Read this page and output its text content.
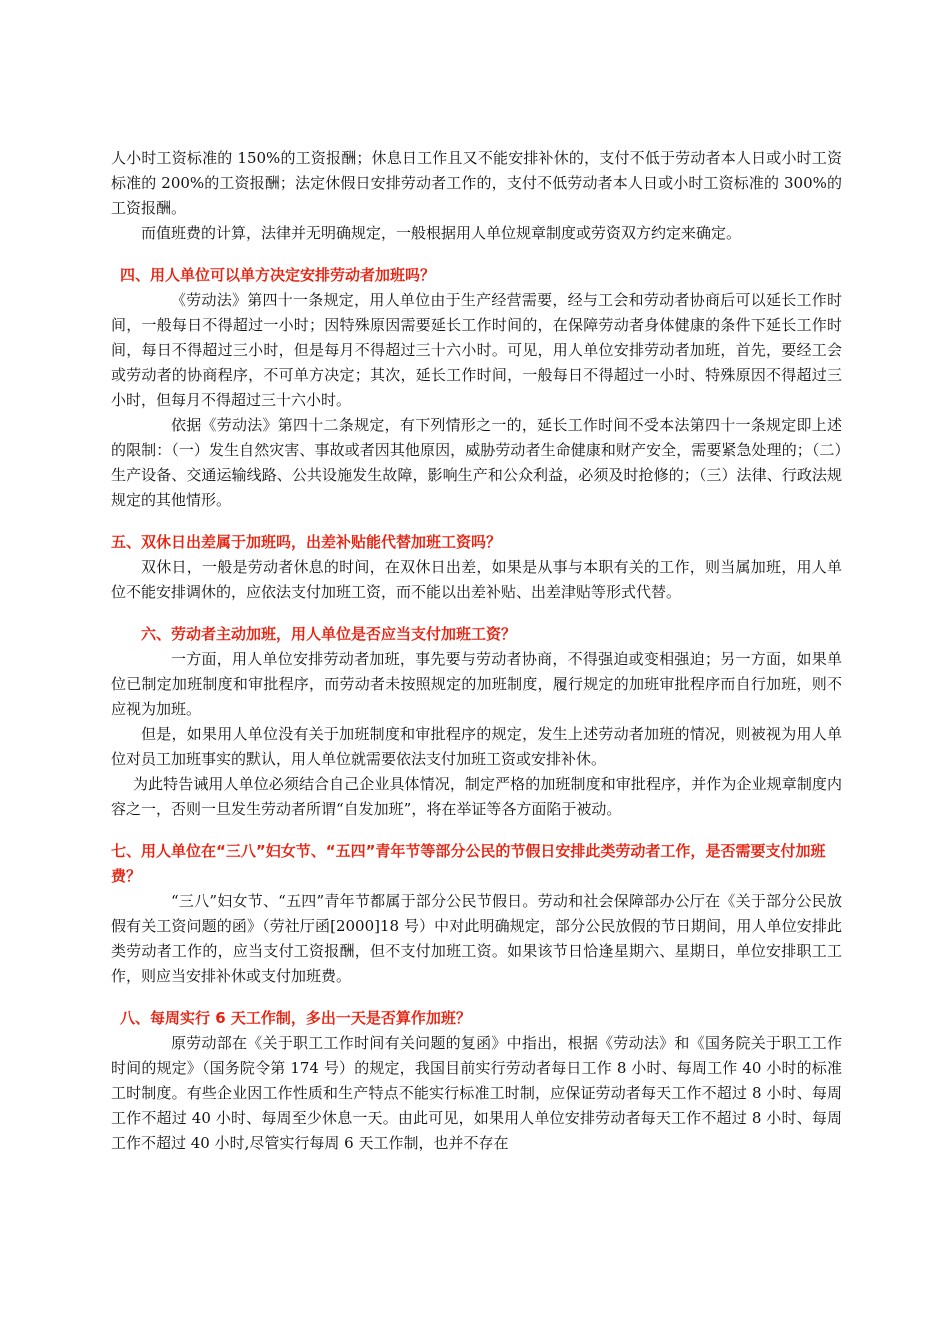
人小时工资标准的 150%的工资报酬；休息日工作且又不能安排补休的，支付不低于劳动者本人日或小时工资标准的 200%的工资报酬；法定休假日安排劳动者工作的，支付不低劳动者本人日或小时工资标准的 300%的工资报酬。

而值班费的计算，法律并无明确规定，一般根据用人单位规章制度或劳资双方约定来确定。

四、用人单位可以单方决定安排劳动者加班吗？

《劳动法》第四十一条规定，用人单位由于生产经营需要，经与工会和劳动者协商后可以延长工作时间，一般每日不得超过一小时；因特殊原因需要延长工作时间的，在保障劳动者身体健康的条件下延长工作时间，每日不得超过三小时，但是每月不得超过三十六小时。可见，用人单位安排劳动者加班，首先，要经工会或劳动者的协商程序，不可单方决定；其次，延长工作时间，一般每日不得超过一小时、特殊原因不得超过三小时，但每月不得超过三十六小时。

依据《劳动法》第四十二条规定，有下列情形之一的，延长工作时间不受本法第四十一条规定即上述的限制：（一）发生自然灾害、事故或者因其他原因，威胁劳动者生命健康和财产安全，需要紧急处理的；（二）生产设备、交通运输线路、公共设施发生故障，影响生产和公众利益，必须及时抢修的；（三）法律、行政法规规定的其他情形。

五、双休日出差属于加班吗，出差补贴能代替加班工资吗？

双休日，一般是劳动者休息的时间，在双休日出差，如果是从事与本职有关的工作，则当属加班，用人单位不能安排调休的，应依法支付加班工资，而不能以出差补贴、出差津贴等形式代替。

六、劳动者主动加班，用人单位是否应当支付加班工资？

一方面，用人单位安排劳动者加班，事先要与劳动者协商，不得强迫或变相强迫；另一方面，如果单位已制定加班制度和审批程序，而劳动者未按照规定的加班制度，履行规定的加班审批程序而自行加班，则不应视为加班。

但是，如果用人单位没有关于加班制度和审批程序的规定，发生上述劳动者加班的情况，则被视为用人单位对员工加班事实的默认，用人单位就需要依法支付加班工资或安排补休。

为此特告诫用人单位必须结合自己企业具体情况，制定严格的加班制度和审批程序，并作为企业规章制度内容之一，否则一旦发生劳动者所谓“自发加班”，将在举证等各方面陷于被动。

七、用人单位在“三八”妇女节、“五四”青年节等部分公民的节假日安排此类劳动者工作，是否需要支付加班费？

“三八”妇女节、“五四”青年节都属于部分公民节假日。劳动和社会保障部办公厅在《关于部分公民放假有关工资问题的函》（劳社厅函[2000]18 号）中对此明确规定，部分公民放假的节日期间，用人单位安排此类劳动者工作的，应当支付工资报酬，但不支付加班工资。如果该节日恰逢星期六、星期日，单位安排职工工作，则应当安排补休或支付加班费。

八、每周实行 6 天工作制，多出一天是否算作加班？

原劳动部在《关于职工工作时间有关问题的复函》中指出，根据《劳动法》和《国务院关于职工工作时间的规定》（国务院令第 174 号）的规定，我国目前实行劳动者每日工作 8 小时、每周工作 40 小时的标准工时制度。有些企业因工作性质和生产特点不能实行标准工时制，应保证劳动者每天工作不超过 8 小时、每周工作不超过 40 小时、每周至少休息一天。由此可见，如果用人单位安排劳动者每天工作不超过 8 小时、每周工作不超过 40 小时,尽管实行每周 6 天工作制，也并不存在
